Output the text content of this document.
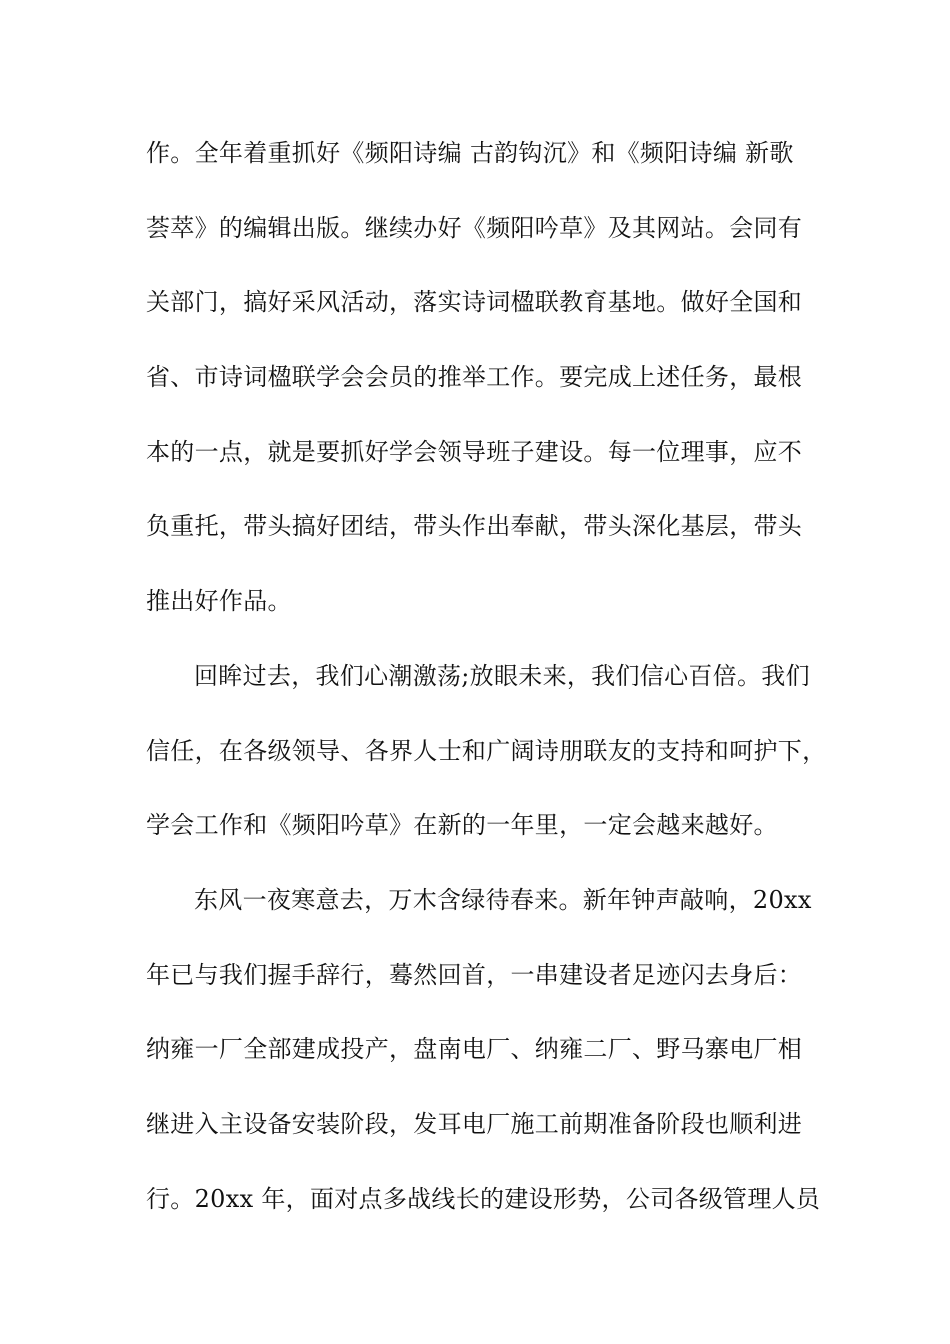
作。全年着重抓好《频阳诗编 古韵钩沉》和《频阳诗编 新歌
荟萃》的编辑出版。继续办好《频阳吟草》及其网站。会同有
关部门，搞好采风活动，落实诗词楹联教育基地。做好全国和
省、市诗词楹联学会会员的推举工作。要完成上述任务，最根
本的一点，就是要抓好学会领导班子建设。每一位理事，应不
负重托，带头搞好团结，带头作出奉献，带头深化基层，带头
推出好作品。
回眸过去，我们心潮激荡;放眼未来，我们信心百倍。我们
信任，在各级领导、各界人士和广阔诗朋联友的支持和呵护下，
学会工作和《频阳吟草》在新的一年里，一定会越来越好。
东风一夜寒意去，万木含绿待春来。新年钟声敲响，20xx
年已与我们握手辞行，蓦然回首，一串建设者足迹闪去身后：
纳雍一厂全部建成投产，盘南电厂、纳雍二厂、野马寨电厂相
继进入主设备安装阶段，发耳电厂施工前期准备阶段也顺利进
行。20xx 年，面对点多战线长的建设形势，公司各级管理人员
